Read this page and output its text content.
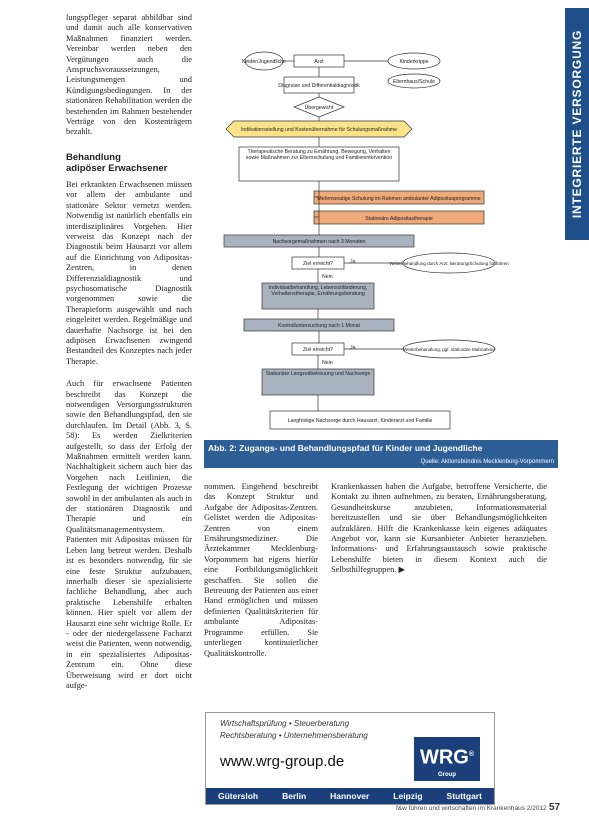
INTEGRIERTE VERSORGUNG

lungspfleger separat abbildbar sind und damit auch alle konservativen Maßnahmen finanziert werden. Vereinbar werden neben den Vergütungen auch die Anspruchsvoraussetzungen, Leistungsmengen und Kündigungsbedingungen. In der stationären Rehabilitation werden die bestehenden im Rahmen bestehender Verträge von den Kostenträgern bezahlt.

Behandlung
adipöser Erwachsener

Bei erkrankten Erwachsenen müssen vor allem der ambulante und stationäre Sektor vernetzt werden. Notwendig ist natürlich ebenfalls ein interdisziplinäres Vorgehen. Hier verweist das Konzept nach der Diagnostik beim Hausarzt vor allem auf die Einrichtung von Adipositas-Zentren, in denen Differenzialdiagnostik und psychosomatische Diagnostik vorgenommen sowie die Therapieform ausgewählt und nach eingeleitet werden. Regelmäßige und dauerhafte Nachsorge ist bei den adipösen Erwachsenen zwingend Bestandteil des Konzeptes nach jeder Therapie.

Auch für erwachsene Patienten beschreibt das Konzept die notwendigen Versorgungsstrukturen sowie den Behandlungspfad, den sie durchlaufen. Im Detail (Abb. 3, S. 58): Es werden Zielkriterien aufgestellt, so dass der Erfolg der Maßnahmen ermittelt werden kann. Nachhaltigkeit sichern auch hier das Vorgehen nach Leitlinien, die Festlegung der wichtigen Prozesse sowohl in der ambulanten als auch in der stationären Diagnostik und Therapie und ein Qualitätsmanagementsystem. Patienten mit Adipositas müssen für Leben lang betreut werden. Deshalb ist es besonders notwendig, für sie eine feste Struktur aufzubauen, innerhalb dieser sie spezialisierte fachliche Behandlung, aber auch praktische Lebenshilfe erhalten können. Hier spielt vor allem der Hausarzt eine sehr wichtige Rolle. Er - oder der niedergelassene Facharzt weist die Patienten, wenn notwendig, in ein spezialisiertes Adipositas-Zentrum ein. Ohne diese Überweisung wird er dort nicht aufge-

Kinder/Jugendliche	Arzt	Kinderkrippe
Elternhaus/Schule
Diagnose und Differentialdiagnostik
Übergewicht
Indikationsstellung und Kostenübernahme für Schulungsmaßnahme
Therapeutische Beratung zu Ernährung, Bewegung, Verhalten sowie Maßnahmen zur Elternschulung und Familienintervention
Mehrmonatige Schulung im Rahmen ambulanter Adipositasprogramme
Stationäre Adipositastherapie
Nachsorgemaßnahmen nach 3 Monaten
Ziel erreicht?	Ja
Nein
Weiterbehandlung durch Arzt, Beratung/Schulung fortführen
Individualbehandlung, Lebensstiländerung, Verhaltenstherapie, Ernährungsberatung
Kontrolluntersuchung nach 1 Monat
Ziel erreicht?	Ja
Nein
Weiterbehandlung, ggf. stationäre Maßnahme
Stationäre Langzeitbetreuung und Nachsorge
Langfristige Nachsorge durch Hausarzt, Kinderarzt und Familie
Abb. 2: Zugangs- und Behandlungspfad für Kinder und Jugendliche
Quelle: Aktionsbündnis Mecklenburg-Vorpommern

nommen. Eingehend beschreibt das Konzept Struktur und Aufgabe der Adipositas-Zentren. Gelistet werden die Adipositas-Zentren von einem Ernährungsmediziner. Die Ärztekammer Mecklenburg-Vorpommern hat eigens hierfür eine Fortbildungsmöglichkeit geschaffen. Sie sollen die Betreuung der Patienten aus einer Hand ermöglichen und müssen definierten Qualitätskriterien für ambulante Adipositas-Programme erfüllen. Sie unterliegen kontinuierlicher Qualitätskontrolle.

Krankenkassen haben die Aufgabe, betroffene Versicherte, die Kontakt zu ihnen aufnehmen, zu beraten, Ernährungsberatung, Gesundheitskurse anzubieten, Informationsmaterial bereitzustellen und sie über Behandlungsmöglichkeiten aufzuklären. Hilft die Krankenkasse kein eigenes adäquates Angebot vor, kann sie Kursanbieter Anbieter heranziehen. Informations- und Erfahrungsaustausch sowie praktische Lebenshilfe bieten in diesem Kontext auch die Selbsthilfegruppen. ▶

Wirtschaftsprüfung • Steuerberatung
Rechtsberatung • Unternehmensberatung
www.wrg-group.de	WRG®
Group
Gütersloh	Berlin	Hannover	Leipzig	Stuttgart
f&w führen und wirtschaften im Krankenhaus 2/2012 57
